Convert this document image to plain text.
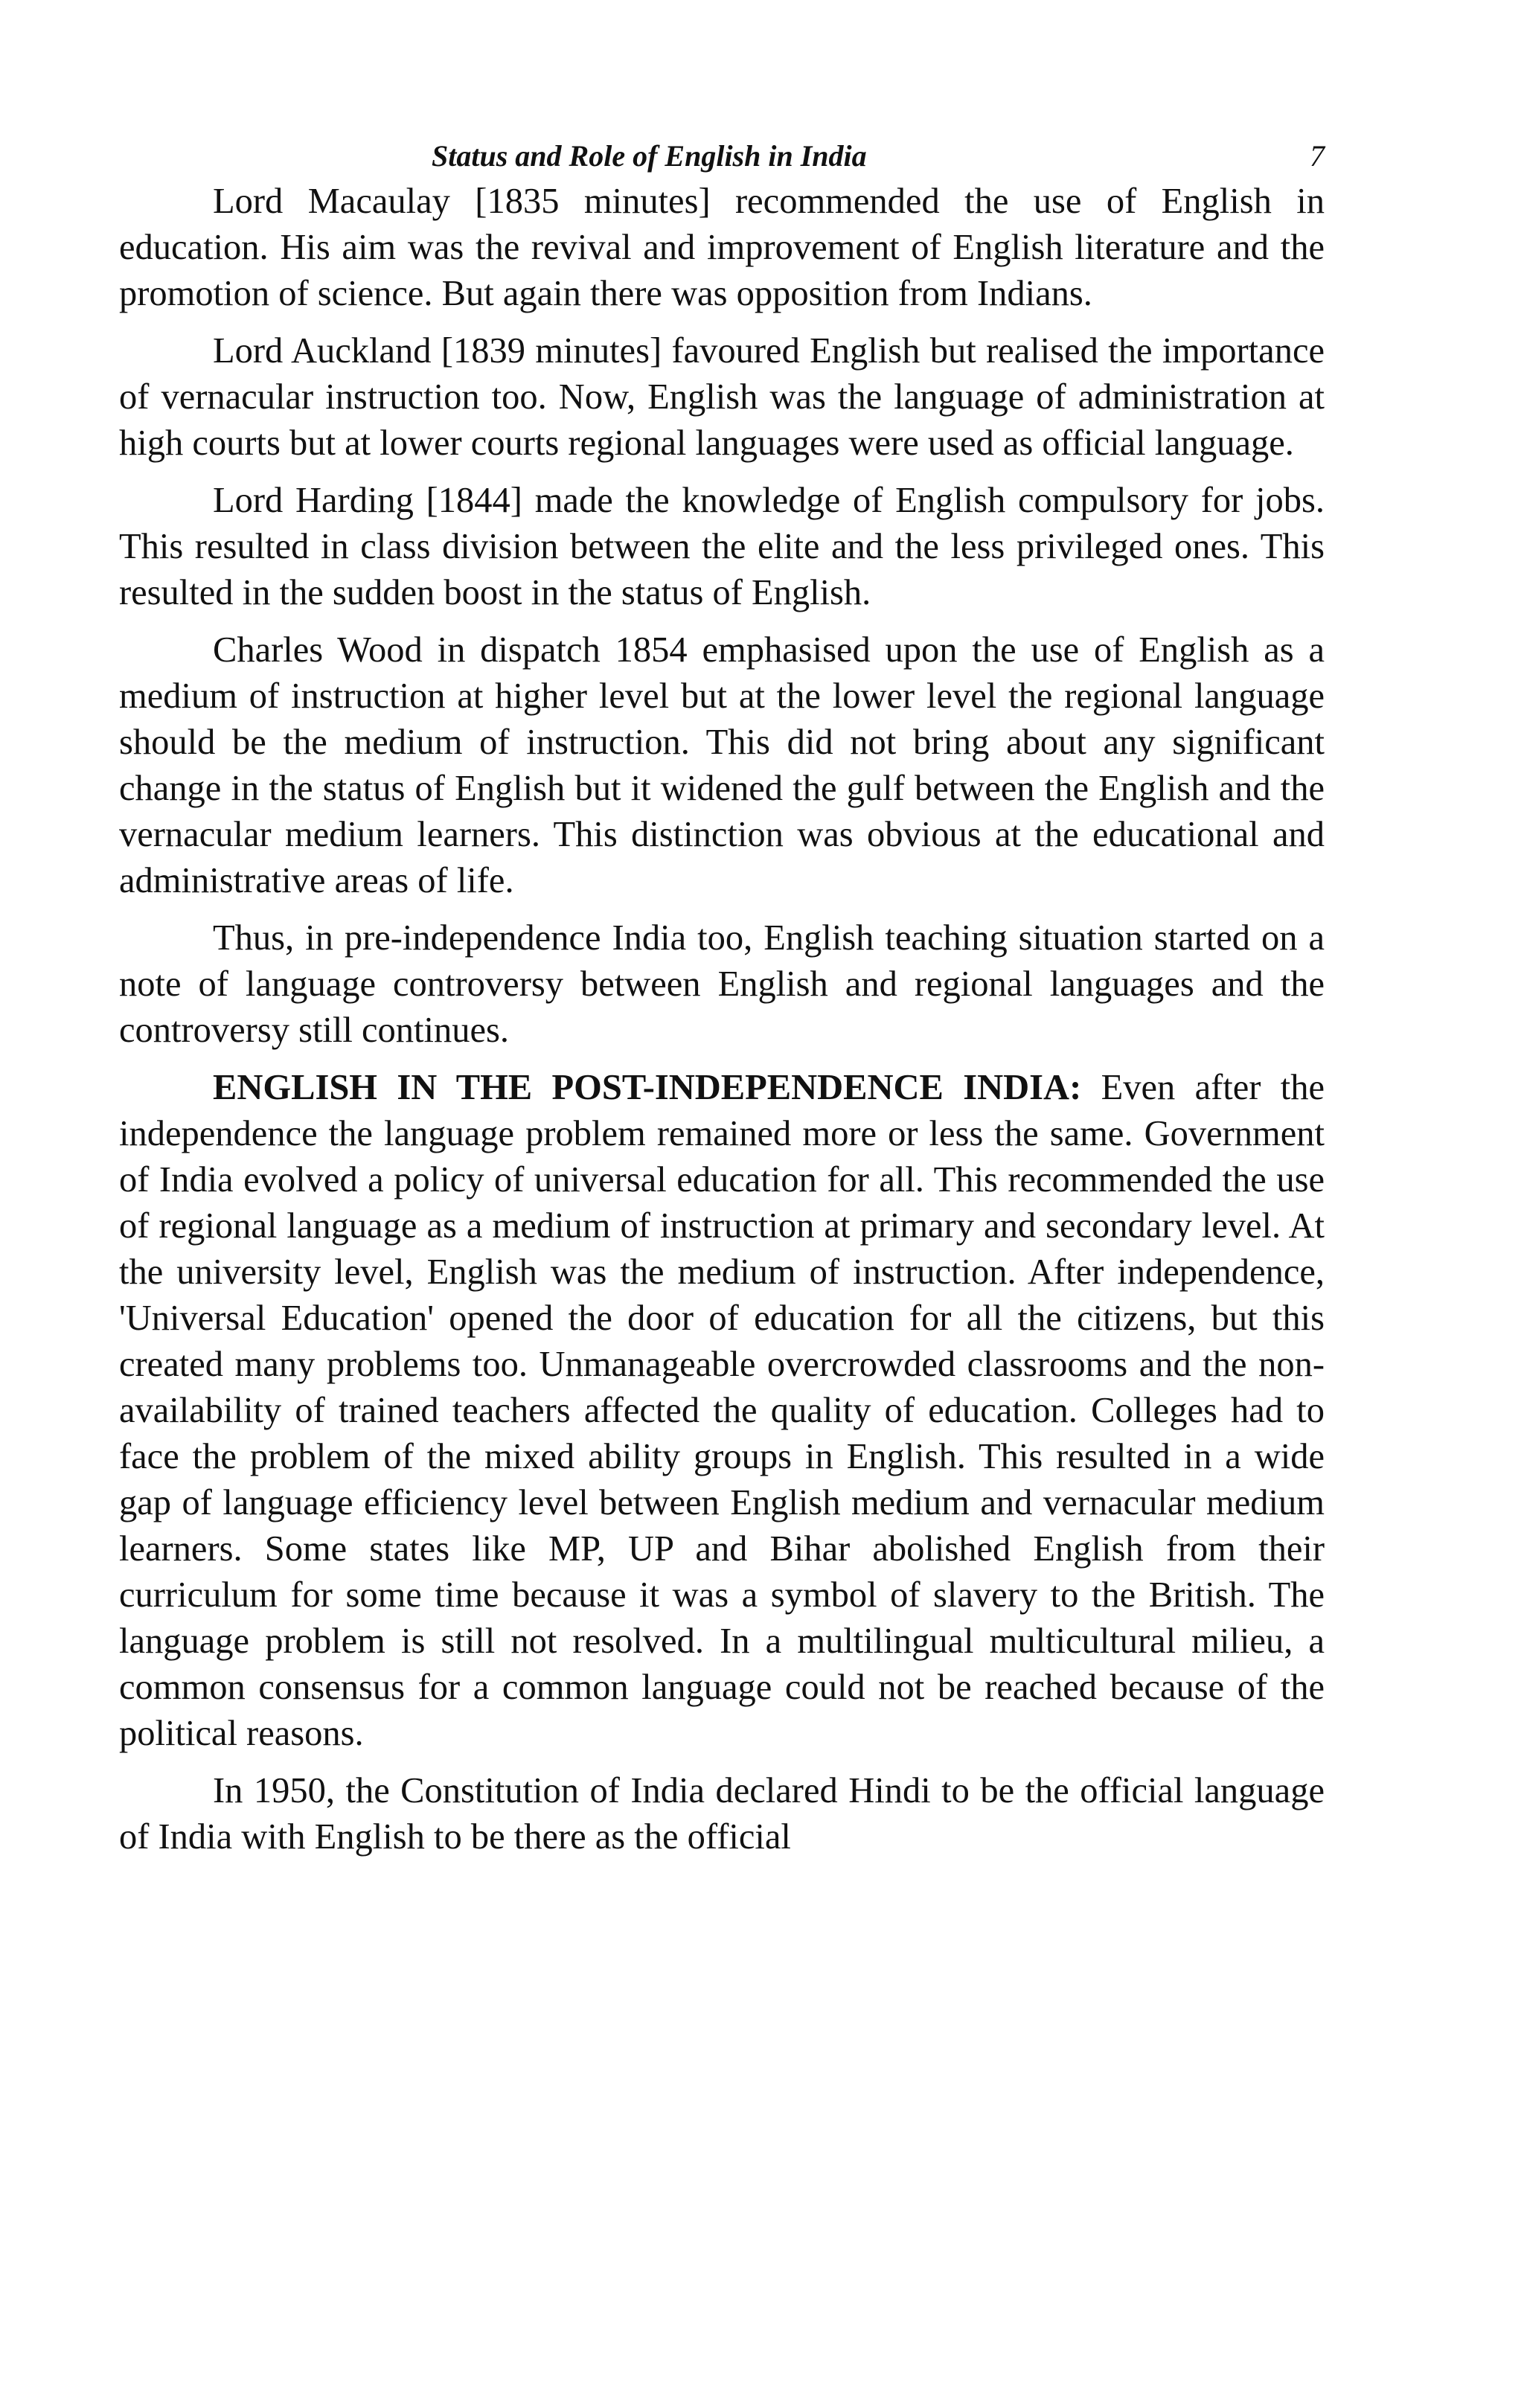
Status and Role of English in India	7

Lord Macaulay [1835 minutes] recommended the use of English in education. His aim was the revival and improvement of English literature and the promotion of science. But again there was opposition from Indians.

Lord Auckland [1839 minutes] favoured English but realised the importance of vernacular instruction too. Now, English was the language of administration at high courts but at lower courts regional languages were used as official language.

Lord Harding [1844] made the knowledge of English compulsory for jobs. This resulted in class division between the elite and the less privileged ones. This resulted in the sudden boost in the status of English.

Charles Wood in dispatch 1854 emphasised upon the use of English as a medium of instruction at higher level but at the lower level the regional language should be the medium of instruction. This did not bring about any significant change in the status of English but it widened the gulf between the English and the vernacular medium learners. This distinction was obvious at the educational and administrative areas of life.

Thus, in pre-independence India too, English teaching situation started on a note of language controversy between English and regional languages and the controversy still continues.

ENGLISH IN THE POST-INDEPENDENCE INDIA: Even after the independence the language problem remained more or less the same. Government of India evolved a policy of universal education for all. This recommended the use of regional language as a medium of instruction at primary and secondary level. At the university level, English was the medium of instruction. After independence, 'Universal Education' opened the door of education for all the citizens, but this created many problems too. Unmanageable overcrowded classrooms and the non-availability of trained teachers affected the quality of education. Colleges had to face the problem of the mixed ability groups in English. This resulted in a wide gap of language efficiency level between English medium and vernacular medium learners. Some states like MP, UP and Bihar abolished English from their curriculum for some time because it was a symbol of slavery to the British. The language problem is still not resolved. In a multilingual multicultural milieu, a common consensus for a common language could not be reached because of the political reasons.

In 1950, the Constitution of India declared Hindi to be the official language of India with English to be there as the official
